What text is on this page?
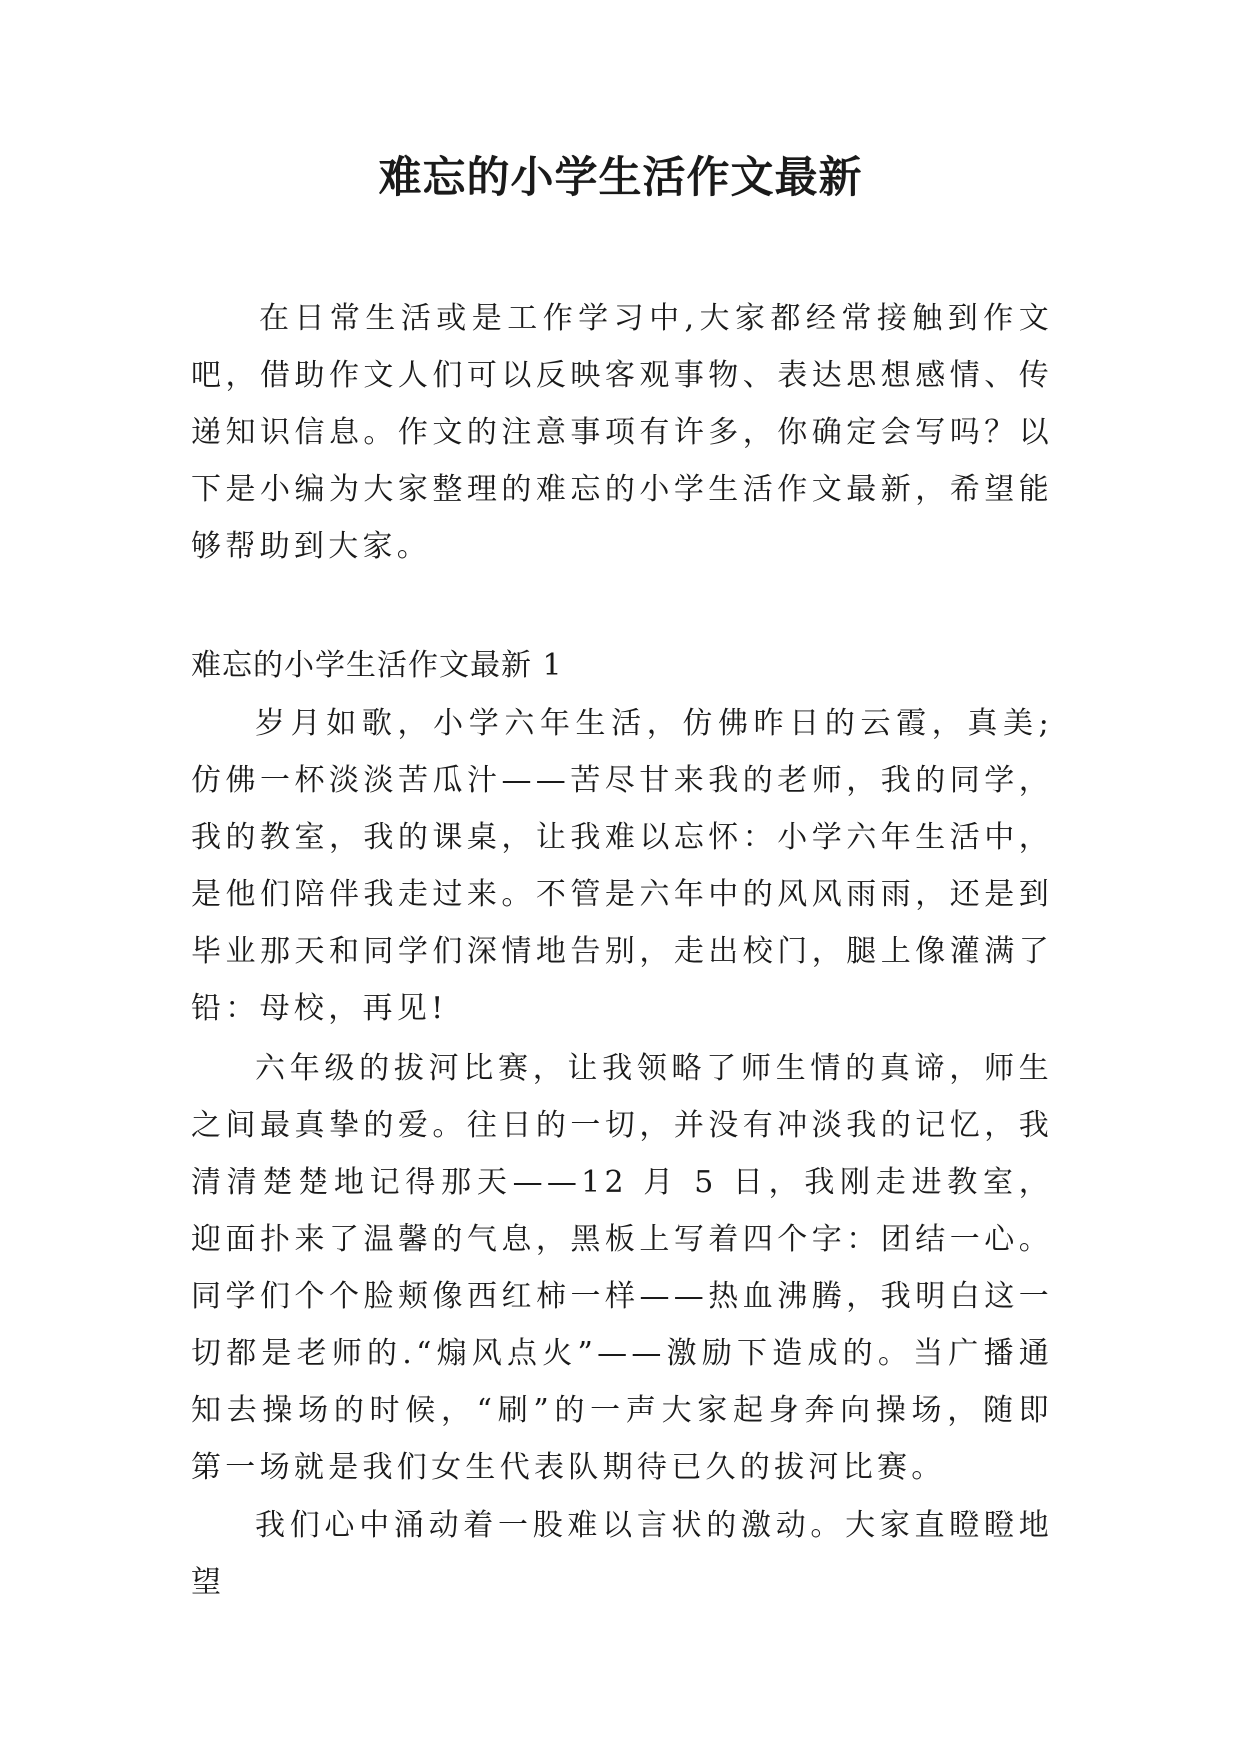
难忘的小学生活作文最新

在日常生活或是工作学习中,大家都经常接触到作文吧，借助作文人们可以反映客观事物、表达思想感情、传递知识信息。作文的注意事项有许多，你确定会写吗？以下是小编为大家整理的难忘的小学生活作文最新，希望能够帮助到大家。

难忘的小学生活作文最新 1

岁月如歌，小学六年生活，仿佛昨日的云霞，真美;仿佛一杯淡淡苦瓜汁——苦尽甘来我的老师，我的同学，我的教室，我的课桌，让我难以忘怀：小学六年生活中，是他们陪伴我走过来。不管是六年中的风风雨雨，还是到毕业那天和同学们深情地告别，走出校门，腿上像灌满了铅：母校，再见!

六年级的拔河比赛，让我领略了师生情的真谛，师生之间最真挚的爱。往日的一切，并没有冲淡我的记忆，我清清楚楚地记得那天——12 月 5 日，我刚走进教室，迎面扑来了温馨的气息，黑板上写着四个字：团结一心。同学们个个脸颊像西红柿一样——热血沸腾，我明白这一切都是老师的.“煽风点火”——激励下造成的。当广播通知去操场的时候，“刷”的一声大家起身奔向操场，随即第一场就是我们女生代表队期待已久的拔河比赛。

我们心中涌动着一股难以言状的激动。大家直瞪瞪地望
